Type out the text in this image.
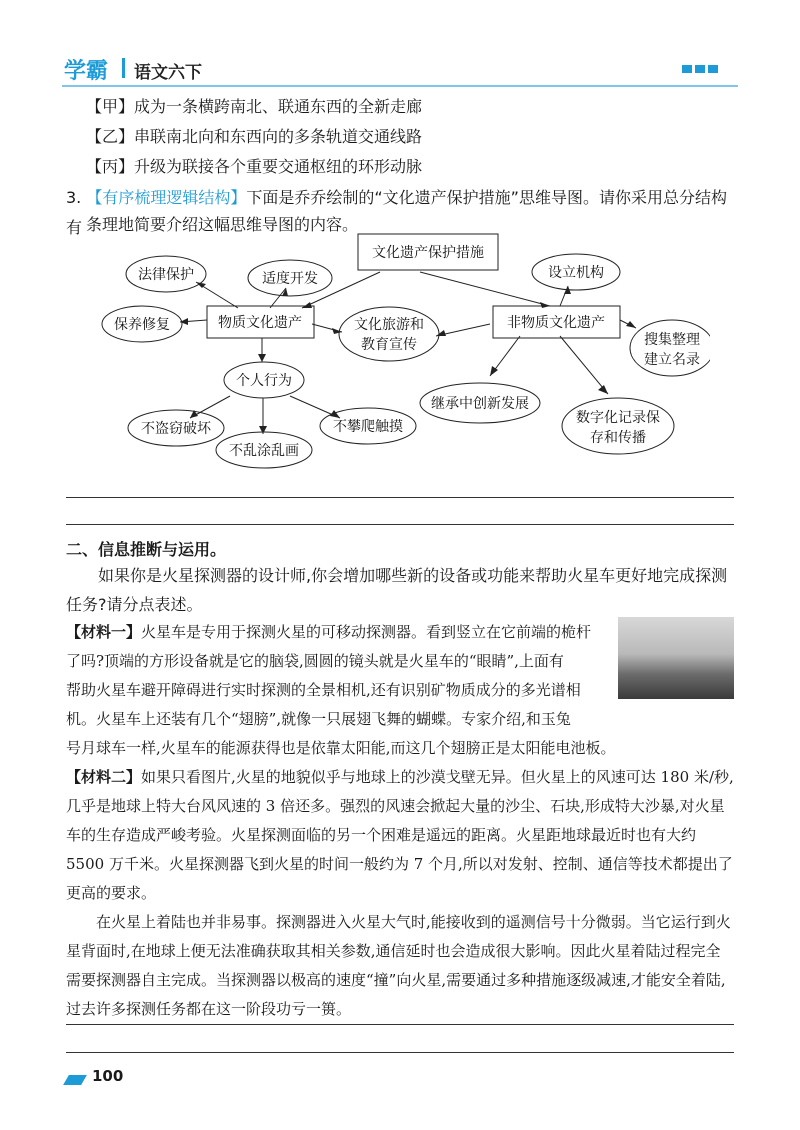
学霸 语文六下
【甲】成为一条横跨南北、联通东西的全新走廊
【乙】串联南北向和东西向的多条轨道交通线路
【丙】升级为联接各个重要交通枢纽的环形动脉
3. 【有序梳理逻辑结构】下面是乔乔绘制的“文化遗产保护措施”思维导图。请你采用总分结构有 条理地简要介绍这幅思维导图的内容。
文化遗产保护措施
物质文化遗产	非物质文化遗产
文化旅游和
教育宣传
法律保护	适度开发
保养修复
个人行为
不盗窃破坏
不乱涂乱画
不攀爬触摸
设立机构
搜集整理
建立名录
继承中创新发展
数字化记录保
存和传播
二、信息推断与运用。
如果你是火星探测器的设计师,你会增加哪些新的设备或功能来帮助火星车更好地完成探测任务?请分点表述。
【材料一】火星车是专用于探测火星的可移动探测器。看到竖立在它前端的桅杆
了吗?顶端的方形设备就是它的脑袋,圆圆的镜头就是火星车的“眼睛”,上面有
帮助火星车避开障碍进行实时探测的全景相机,还有识别矿物质成分的多光谱相
机。火星车上还装有几个“翅膀”,就像一只展翅飞舞的蝴蝶。专家介绍,和玉兔
号月球车一样,火星车的能源获得也是依靠太阳能,而这几个翅膀正是太阳能电池板。
【材料二】如果只看图片,火星的地貌似乎与地球上的沙漠戈壁无异。但火星上的风速可达 180 米/秒,几乎是地球上特大台风风速的 3 倍还多。强烈的风速会掀起大量的沙尘、石块,形成特大沙暴,对火星车的生存造成严峻考验。火星探测面临的另一个困难是遥远的距离。火星距地球最近时也有大约 5500 万千米。火星探测器飞到火星的时间一般约为 7 个月,所以对发射、控制、通信等技术都提出了更高的要求。
在火星上着陆也并非易事。探测器进入火星大气时,能接收到的遥测信号十分微弱。当它运行到火星背面时,在地球上便无法准确获取其相关参数,通信延时也会造成很大影响。因此火星着陆过程完全需要探测器自主完成。当探测器以极高的速度“撞”向火星,需要通过多种措施逐级减速,才能安全着陆,过去许多探测任务都在这一阶段功亏一篑。
100
